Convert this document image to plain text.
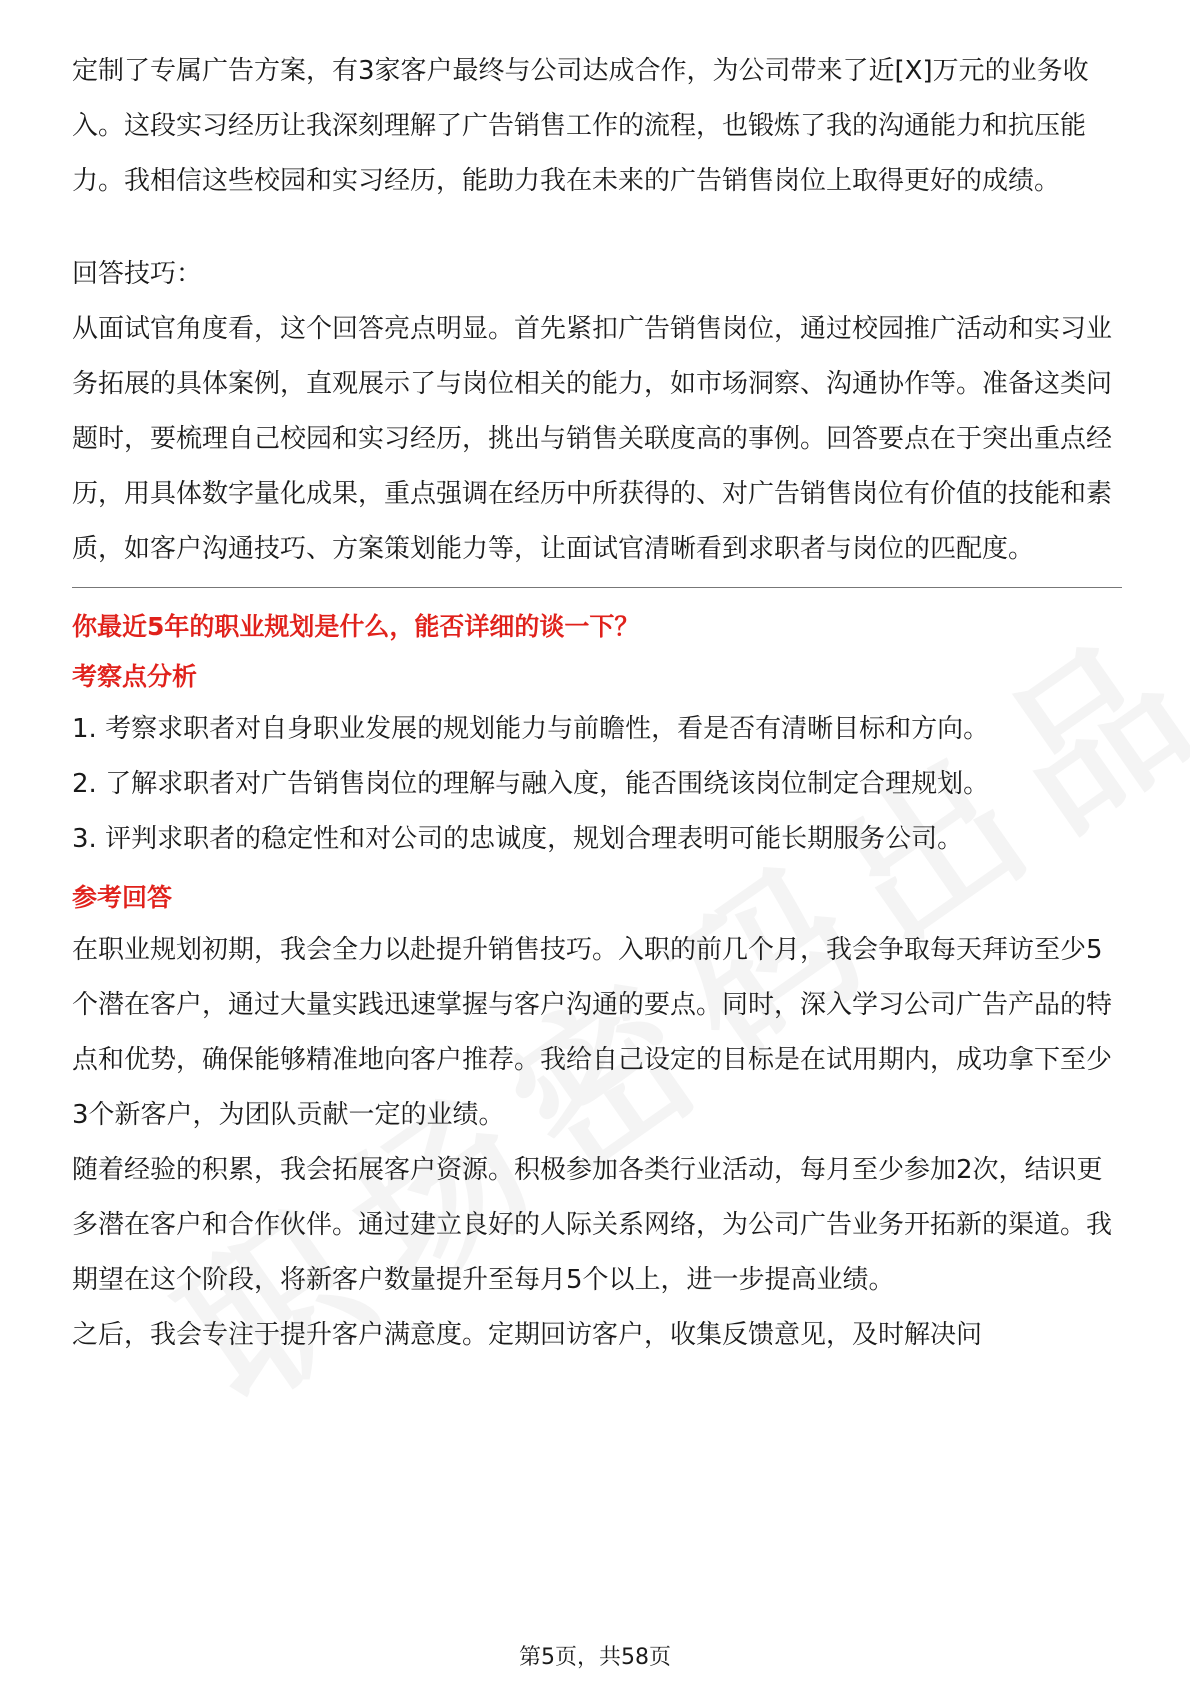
定制了专属广告方案，有3家客户最终与公司达成合作，为公司带来了近[X]万元的业务收入。这段实习经历让我深刻理解了广告销售工作的流程，也锻炼了我的沟通能力和抗压能力。我相信这些校园和实习经历，能助力我在未来的广告销售岗位上取得更好的成绩。

回答技巧：

从面试官角度看，这个回答亮点明显。首先紧扣广告销售岗位，通过校园推广活动和实习业务拓展的具体案例，直观展示了与岗位相关的能力，如市场洞察、沟通协作等。准备这类问题时，要梳理自己校园和实习经历，挑出与销售关联度高的事例。回答要点在于突出重点经历，用具体数字量化成果，重点强调在经历中所获得的、对广告销售岗位有价值的技能和素质，如客户沟通技巧、方案策划能力等，让面试官清晰看到求职者与岗位的匹配度。

你最近5年的职业规划是什么，能否详细的谈一下？

考察点分析

1. 考察求职者对自身职业发展的规划能力与前瞻性，看是否有清晰目标和方向。

2. 了解求职者对广告销售岗位的理解与融入度，能否围绕该岗位制定合理规划。

3. 评判求职者的稳定性和对公司的忠诚度，规划合理表明可能长期服务公司。

参考回答

在职业规划初期，我会全力以赴提升销售技巧。入职的前几个月，我会争取每天拜访至少5个潜在客户，通过大量实践迅速掌握与客户沟通的要点。同时，深入学习公司广告产品的特点和优势，确保能够精准地向客户推荐。我给自己设定的目标是在试用期内，成功拿下至少3个新客户，为团队贡献一定的业绩。

随着经验的积累，我会拓展客户资源。积极参加各类行业活动，每月至少参加2次，结识更多潜在客户和合作伙伴。通过建立良好的人际关系网络，为公司广告业务开拓新的渠道。我期望在这个阶段，将新客户数量提升至每月5个以上，进一步提高业绩。

之后，我会专注于提升客户满意度。定期回访客户，收集反馈意见，及时解决问

第5页，共58页
